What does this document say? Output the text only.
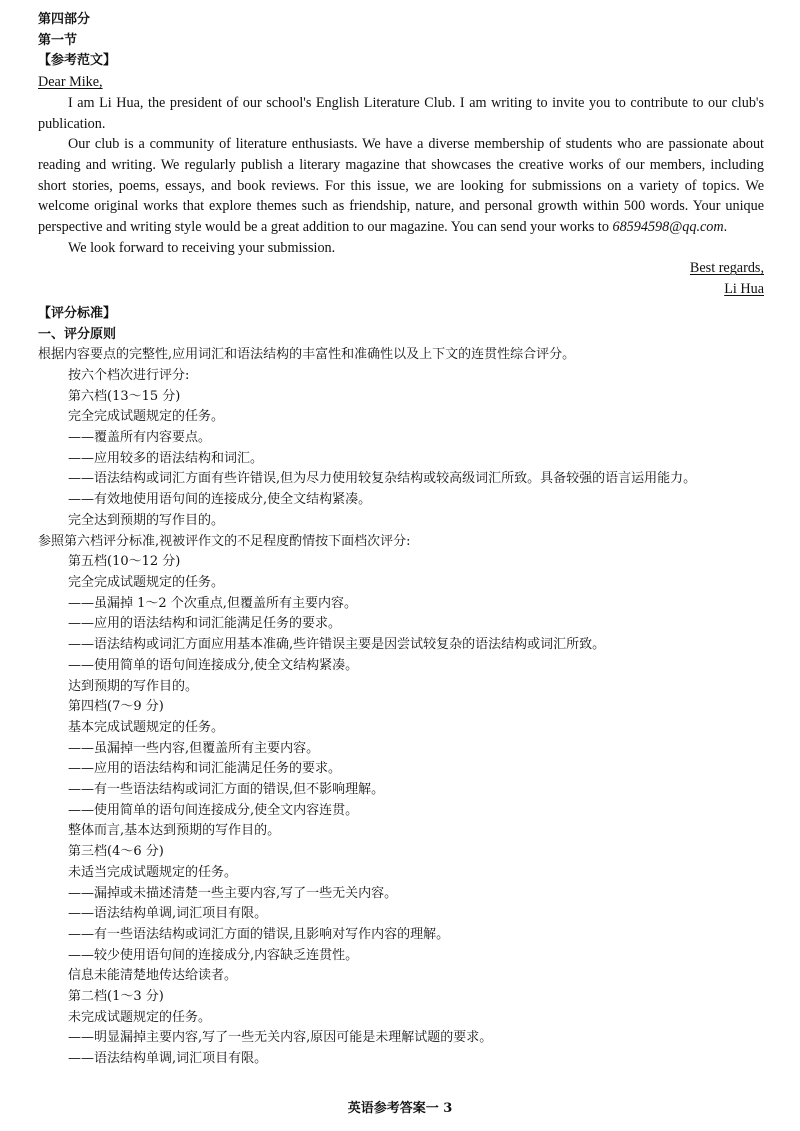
第四部分
第一节
【参考范文】
Dear Mike,

I am Li Hua, the president of our school's English Literature Club. I am writing to invite you to contribute to our club's publication.

Our club is a community of literature enthusiasts. We have a diverse membership of students who are passionate about reading and writing. We regularly publish a literary magazine that showcases the creative works of our members, including short stories, poems, essays, and book reviews. For this issue, we are looking for submissions on a variety of topics. We welcome original works that explore themes such as friendship, nature, and personal growth within 500 words. Your unique perspective and writing style would be a great addition to our magazine. You can send your works to 68594598@qq.com.

We look forward to receiving your submission.

Best regards,
Li Hua
【评分标准】
一、评分原则
根据内容要点的完整性,应用词汇和语法结构的丰富性和准确性以及上下文的连贯性综合评分。
按六个档次进行评分:
第六档(13～15 分)
完全完成试题规定的任务。
——覆盖所有内容要点。
——应用较多的语法结构和词汇。
——语法结构或词汇方面有些许错误,但为尽力使用较复杂结构或较高级词汇所致。具备较强的语言运用能力。
——有效地使用语句间的连接成分,使全文结构紧凑。
完全达到预期的写作目的。
参照第六档评分标准,视被评作文的不足程度酌情按下面档次评分:
第五档(10～12 分)
完全完成试题规定的任务。
——虽漏掉 1～2 个次重点,但覆盖所有主要内容。
——应用的语法结构和词汇能满足任务的要求。
——语法结构或词汇方面应用基本准确,些许错误主要是因尝试较复杂的语法结构或词汇所致。
——使用简单的语句间连接成分,使全文结构紧凑。
达到预期的写作目的。
第四档(7～9 分)
基本完成试题规定的任务。
——虽漏掉一些内容,但覆盖所有主要内容。
——应用的语法结构和词汇能满足任务的要求。
——有一些语法结构或词汇方面的错误,但不影响理解。
——使用简单的语句间连接成分,使全文内容连贯。
整体而言,基本达到预期的写作目的。
第三档(4～6 分)
未适当完成试题规定的任务。
——漏掉或未描述清楚一些主要内容,写了一些无关内容。
——语法结构单调,词汇项目有限。
——有一些语法结构或词汇方面的错误,且影响对写作内容的理解。
——较少使用语句间的连接成分,内容缺乏连贯性。
信息未能清楚地传达给读者。
第二档(1～3 分)
未完成试题规定的任务。
——明显漏掉主要内容,写了一些无关内容,原因可能是未理解试题的要求。
——语法结构单调,词汇项目有限。
英语参考答案一 3
